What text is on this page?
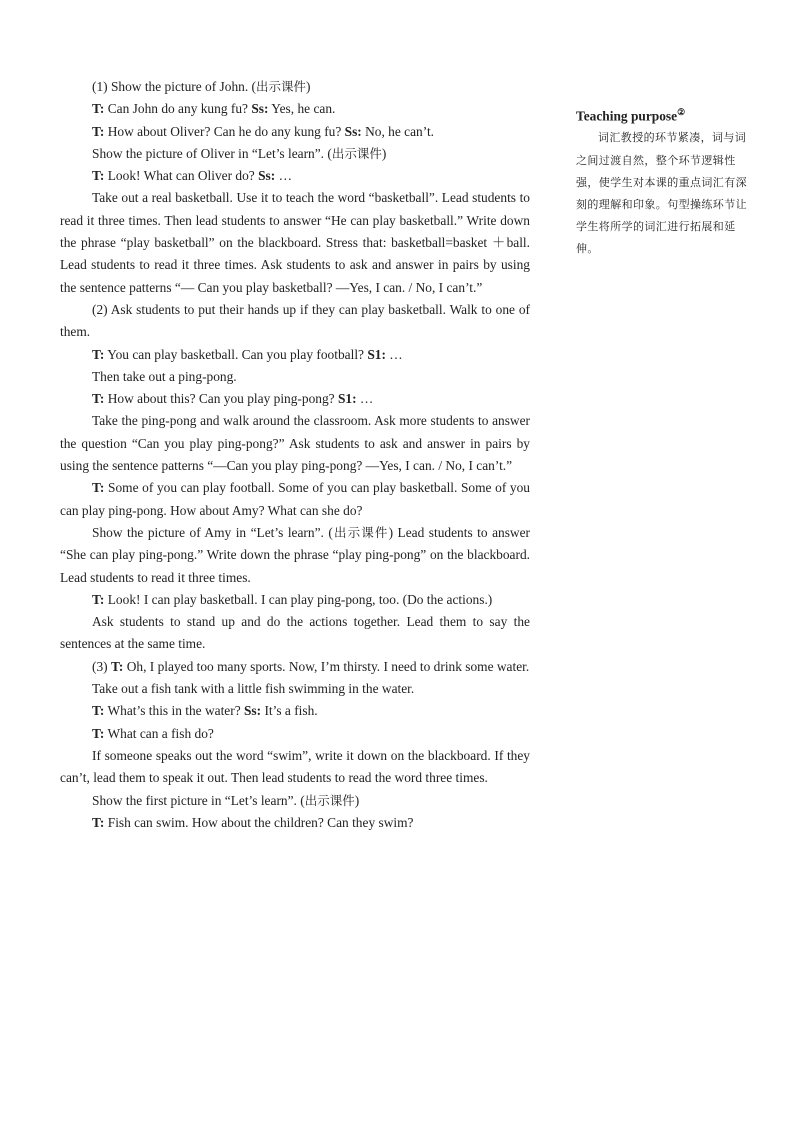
(1) Show the picture of John. (出示课件)

T: Can John do any kung fu? Ss: Yes, he can.

T: How about Oliver? Can he do any kung fu? Ss: No, he can’t.

Show the picture of Oliver in “Let’s learn”. (出示课件)

T: Look! What can Oliver do? Ss: …

Take out a real basketball. Use it to teach the word “basketball”. Lead students to read it three times. Then lead students to answer “He can play basketball.” Write down the phrase “play basketball” on the blackboard. Stress that: basketball=basket ＋ball. Lead students to read it three times. Ask students to ask and answer in pairs by using the sentence patterns “— Can you play basketball? —Yes, I can. / No, I can’t.”

(2) Ask students to put their hands up if they can play basketball. Walk to one of them.

T: You can play basketball. Can you play football? S1: …

Then take out a ping-pong.

T: How about this? Can you play ping-pong? S1: …

Take the ping-pong and walk around the classroom. Ask more students to answer the question “Can you play ping-pong?” Ask students to ask and answer in pairs by using the sentence patterns “—Can you play ping-pong? —Yes, I can. / No, I can’t.”

T: Some of you can play football. Some of you can play basketball. Some of you can play ping-pong. How about Amy? What can she do?

Show the picture of Amy in “Let’s learn”. (出示课件) Lead students to answer “She can play ping-pong.” Write down the phrase “play ping-pong” on the blackboard. Lead students to read it three times.

T: Look! I can play basketball. I can play ping-pong, too. (Do the actions.)

Ask students to stand up and do the actions together. Lead them to say the sentences at the same time.

(3) T: Oh, I played too many sports. Now, I’m thirsty. I need to drink some water.

Take out a fish tank with a little fish swimming in the water.

T: What’s this in the water? Ss: It’s a fish.

T: What can a fish do?

If someone speaks out the word “swim”, write it down on the blackboard. If they can’t, lead them to speak it out. Then lead students to read the word three times.

Show the first picture in “Let’s learn”. (出示课件)

T: Fish can swim. How about the children? Can they swim?

Teaching purpose②

词汇教授的环节紧凑，词与词之间过渡自然，整个环节逻辑性强，使学生对本课的重点词汇有深刻的理解和印象。句型操练环节让学生将所学的词汇进行拓展和延伸。
